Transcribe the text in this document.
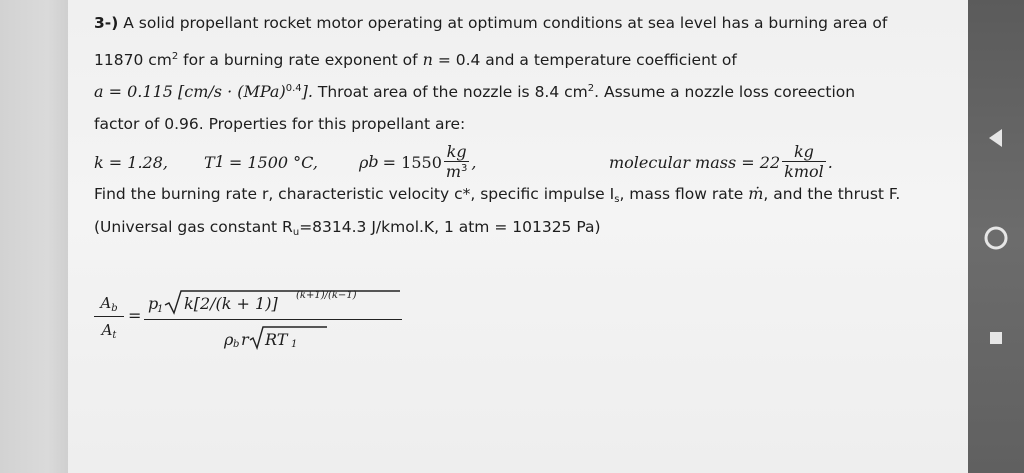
3-) A solid propellant rocket motor operating at optimum conditions at sea level has a burning area of
11870 $cm^2$ for a burning rate exponent of n = 0.4 and a temperature coefficient of
a = 0.115 [cm/s · (MPa)$^{0.4}$]. Throat area of the nozzle is 8.4 $cm^2$. Assume a nozzle loss coreection
factor of 0.96. Properties for this propellant are:
k = 1.28, T 1 = 1500 °C,	ρ $b = 1550 \frac{kg}{m^3}$ ,	molecular mass = $22 \frac{kg}{\text{kmol}}$ .
Find the burning rate r, characteristic velocity c*, specific impulse $I_s$, mass flow rate ṁ, and the thrust F.
(Universal gas constant $R_u=8314.3$ J/kmol.K, 1 atm = 101325 Pa)
$A_b$
$A_t$
=
p
1 k[2/(k + 1)] (k+1)/(k−1)
ρ b r RT 1
